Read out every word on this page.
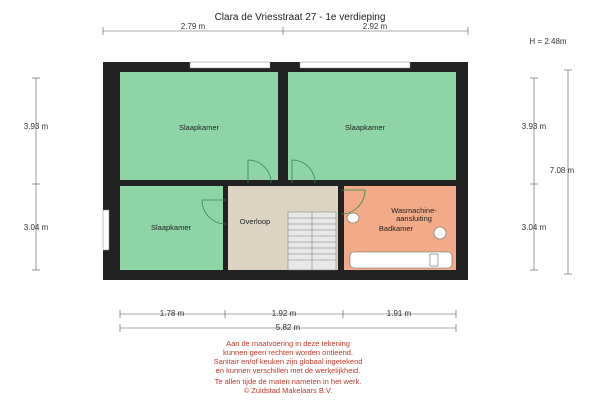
Clara de Vriesstraat 27 - 1e verdieping
2.79 m	2.92 m
H = 2.48m
Slaapkamer	Slaapkamer
Slaapkamer
Overloop
Badkamer
Wasmachine-
aansluiting
3.93 m
3.04 m
3.93 m
3.04 m
7.08 m
1.78 m	1.92 m	1.91 m
5.82 m
Aan de maatvoering in deze tekening
kunnen geen rechten worden ontleend.
Sanitair en/of keuken zijn globaal ingetekend
en kunnen verschillen met de werkelijkheid.
Te allen tijde de maten nameten in het werk.
© Zuidstad Makelaars B.V.
